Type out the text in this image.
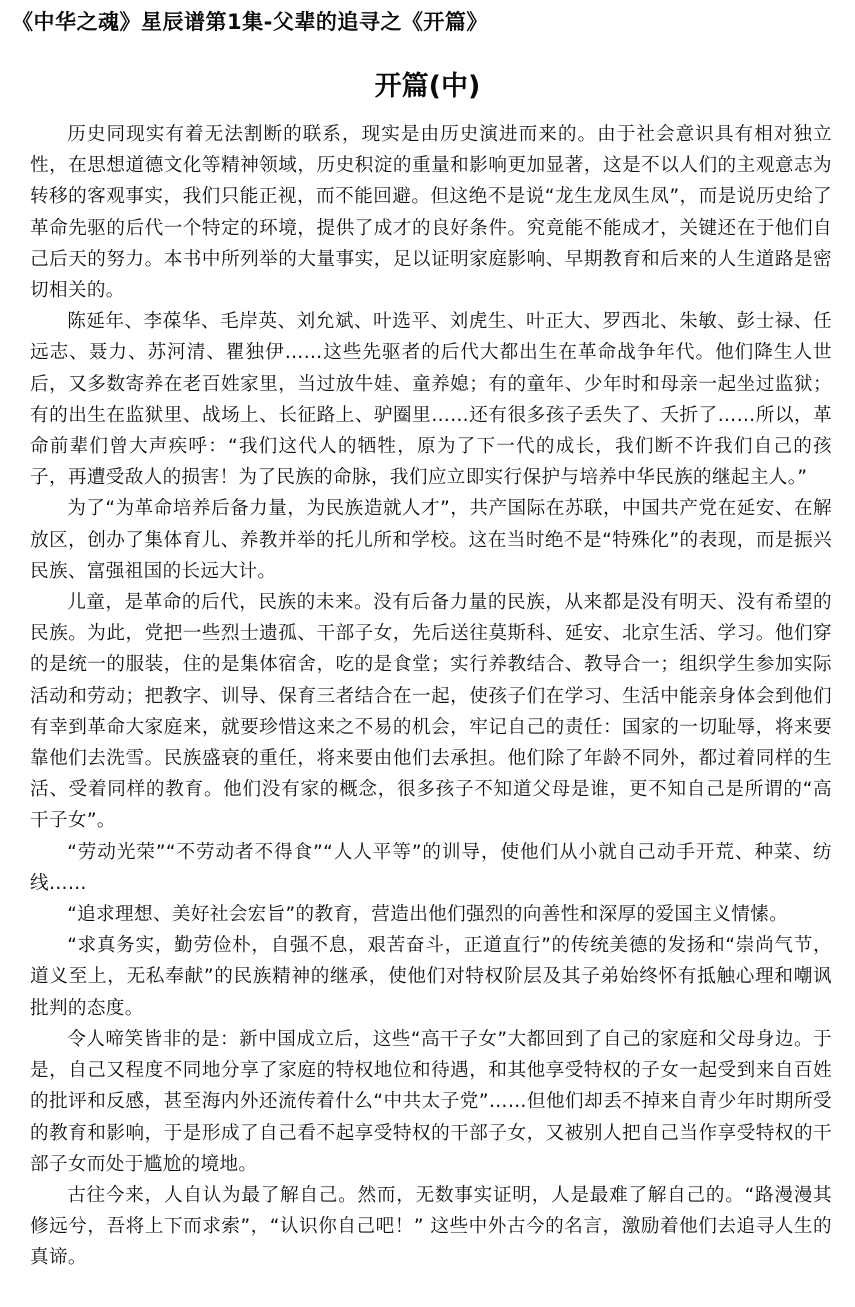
《中华之魂》星辰谱第1集-父辈的追寻之《开篇》
开篇(中)

历史同现实有着无法割断的联系，现实是由历史演进而来的。由于社会意识具有相对独立性，在思想道德文化等精神领域，历史积淀的重量和影响更加显著，这是不以人们的主观意志为转移的客观事实，我们只能正视，而不能回避。但这绝不是说“龙生龙凤生凤”，而是说历史给了革命先驱的后代一个特定的环境，提供了成才的良好条件。究竟能不能成才，关键还在于他们自己后天的努力。本书中所列举的大量事实，足以证明家庭影响、早期教育和后来的人生道路是密切相关的。

陈延年、李葆华、毛岸英、刘允斌、叶选平、刘虎生、叶正大、罗西北、朱敏、彭士禄、任远志、聂力、苏河清、瞿独伊……这些先驱者的后代大都出生在革命战争年代。他们降生人世后，又多数寄养在老百姓家里，当过放牛娃、童养媳；有的童年、少年时和母亲一起坐过监狱；有的出生在监狱里、战场上、长征路上、驴圈里……还有很多孩子丢失了、夭折了……所以，革命前辈们曾大声疾呼：“我们这代人的牺牲，原为了下一代的成长，我们断不许我们自己的孩子，再遭受敌人的损害！为了民族的命脉，我们应立即实行保护与培养中华民族的继起主人。”

为了“为革命培养后备力量，为民族造就人才”，共产国际在苏联，中国共产党在延安、在解放区，创办了集体育儿、养教并举的托儿所和学校。这在当时绝不是“特殊化”的表现，而是振兴民族、富强祖国的长远大计。

儿童，是革命的后代，民族的未来。没有后备力量的民族，从来都是没有明天、没有希望的民族。为此，党把一些烈士遗孤、干部子女，先后送往莫斯科、延安、北京生活、学习。他们穿的是统一的服装，住的是集体宿舍，吃的是食堂；实行养教结合、教导合一；组织学生参加实际活动和劳动；把教字、训导、保育三者结合在一起，使孩子们在学习、生活中能亲身体会到他们有幸到革命大家庭来，就要珍惜这来之不易的机会，牢记自己的责任：国家的一切耻辱，将来要靠他们去洗雪。民族盛衰的重任，将来要由他们去承担。他们除了年龄不同外，都过着同样的生活、受着同样的教育。他们没有家的概念，很多孩子不知道父母是谁，更不知自己是所谓的“高干子女”。

“劳动光荣”“不劳动者不得食”“人人平等”的训导，使他们从小就自己动手开荒、种菜、纺线……

“追求理想、美好社会宏旨”的教育，营造出他们强烈的向善性和深厚的爱国主义情愫。

“求真务实，勤劳俭朴，自强不息，艰苦奋斗，正道直行”的传统美德的发扬和“崇尚气节，道义至上，无私奉献”的民族精神的继承，使他们对特权阶层及其子弟始终怀有抵触心理和嘲讽批判的态度。

令人啼笑皆非的是：新中国成立后，这些“高干子女”大都回到了自己的家庭和父母身边。于是，自己又程度不同地分享了家庭的特权地位和待遇，和其他享受特权的子女一起受到来自百姓的批评和反感，甚至海内外还流传着什么“中共太子党”……但他们却丢不掉来自青少年时期所受的教育和影响，于是形成了自己看不起享受特权的干部子女，又被别人把自己当作享受特权的干部子女而处于尴尬的境地。

古往今来，人自认为最了解自己。然而，无数事实证明，人是最难了解自己的。“路漫漫其修远兮，吾将上下而求索”，“认识你自己吧！” 这些中外古今的名言，激励着他们去追寻人生的真谛。
